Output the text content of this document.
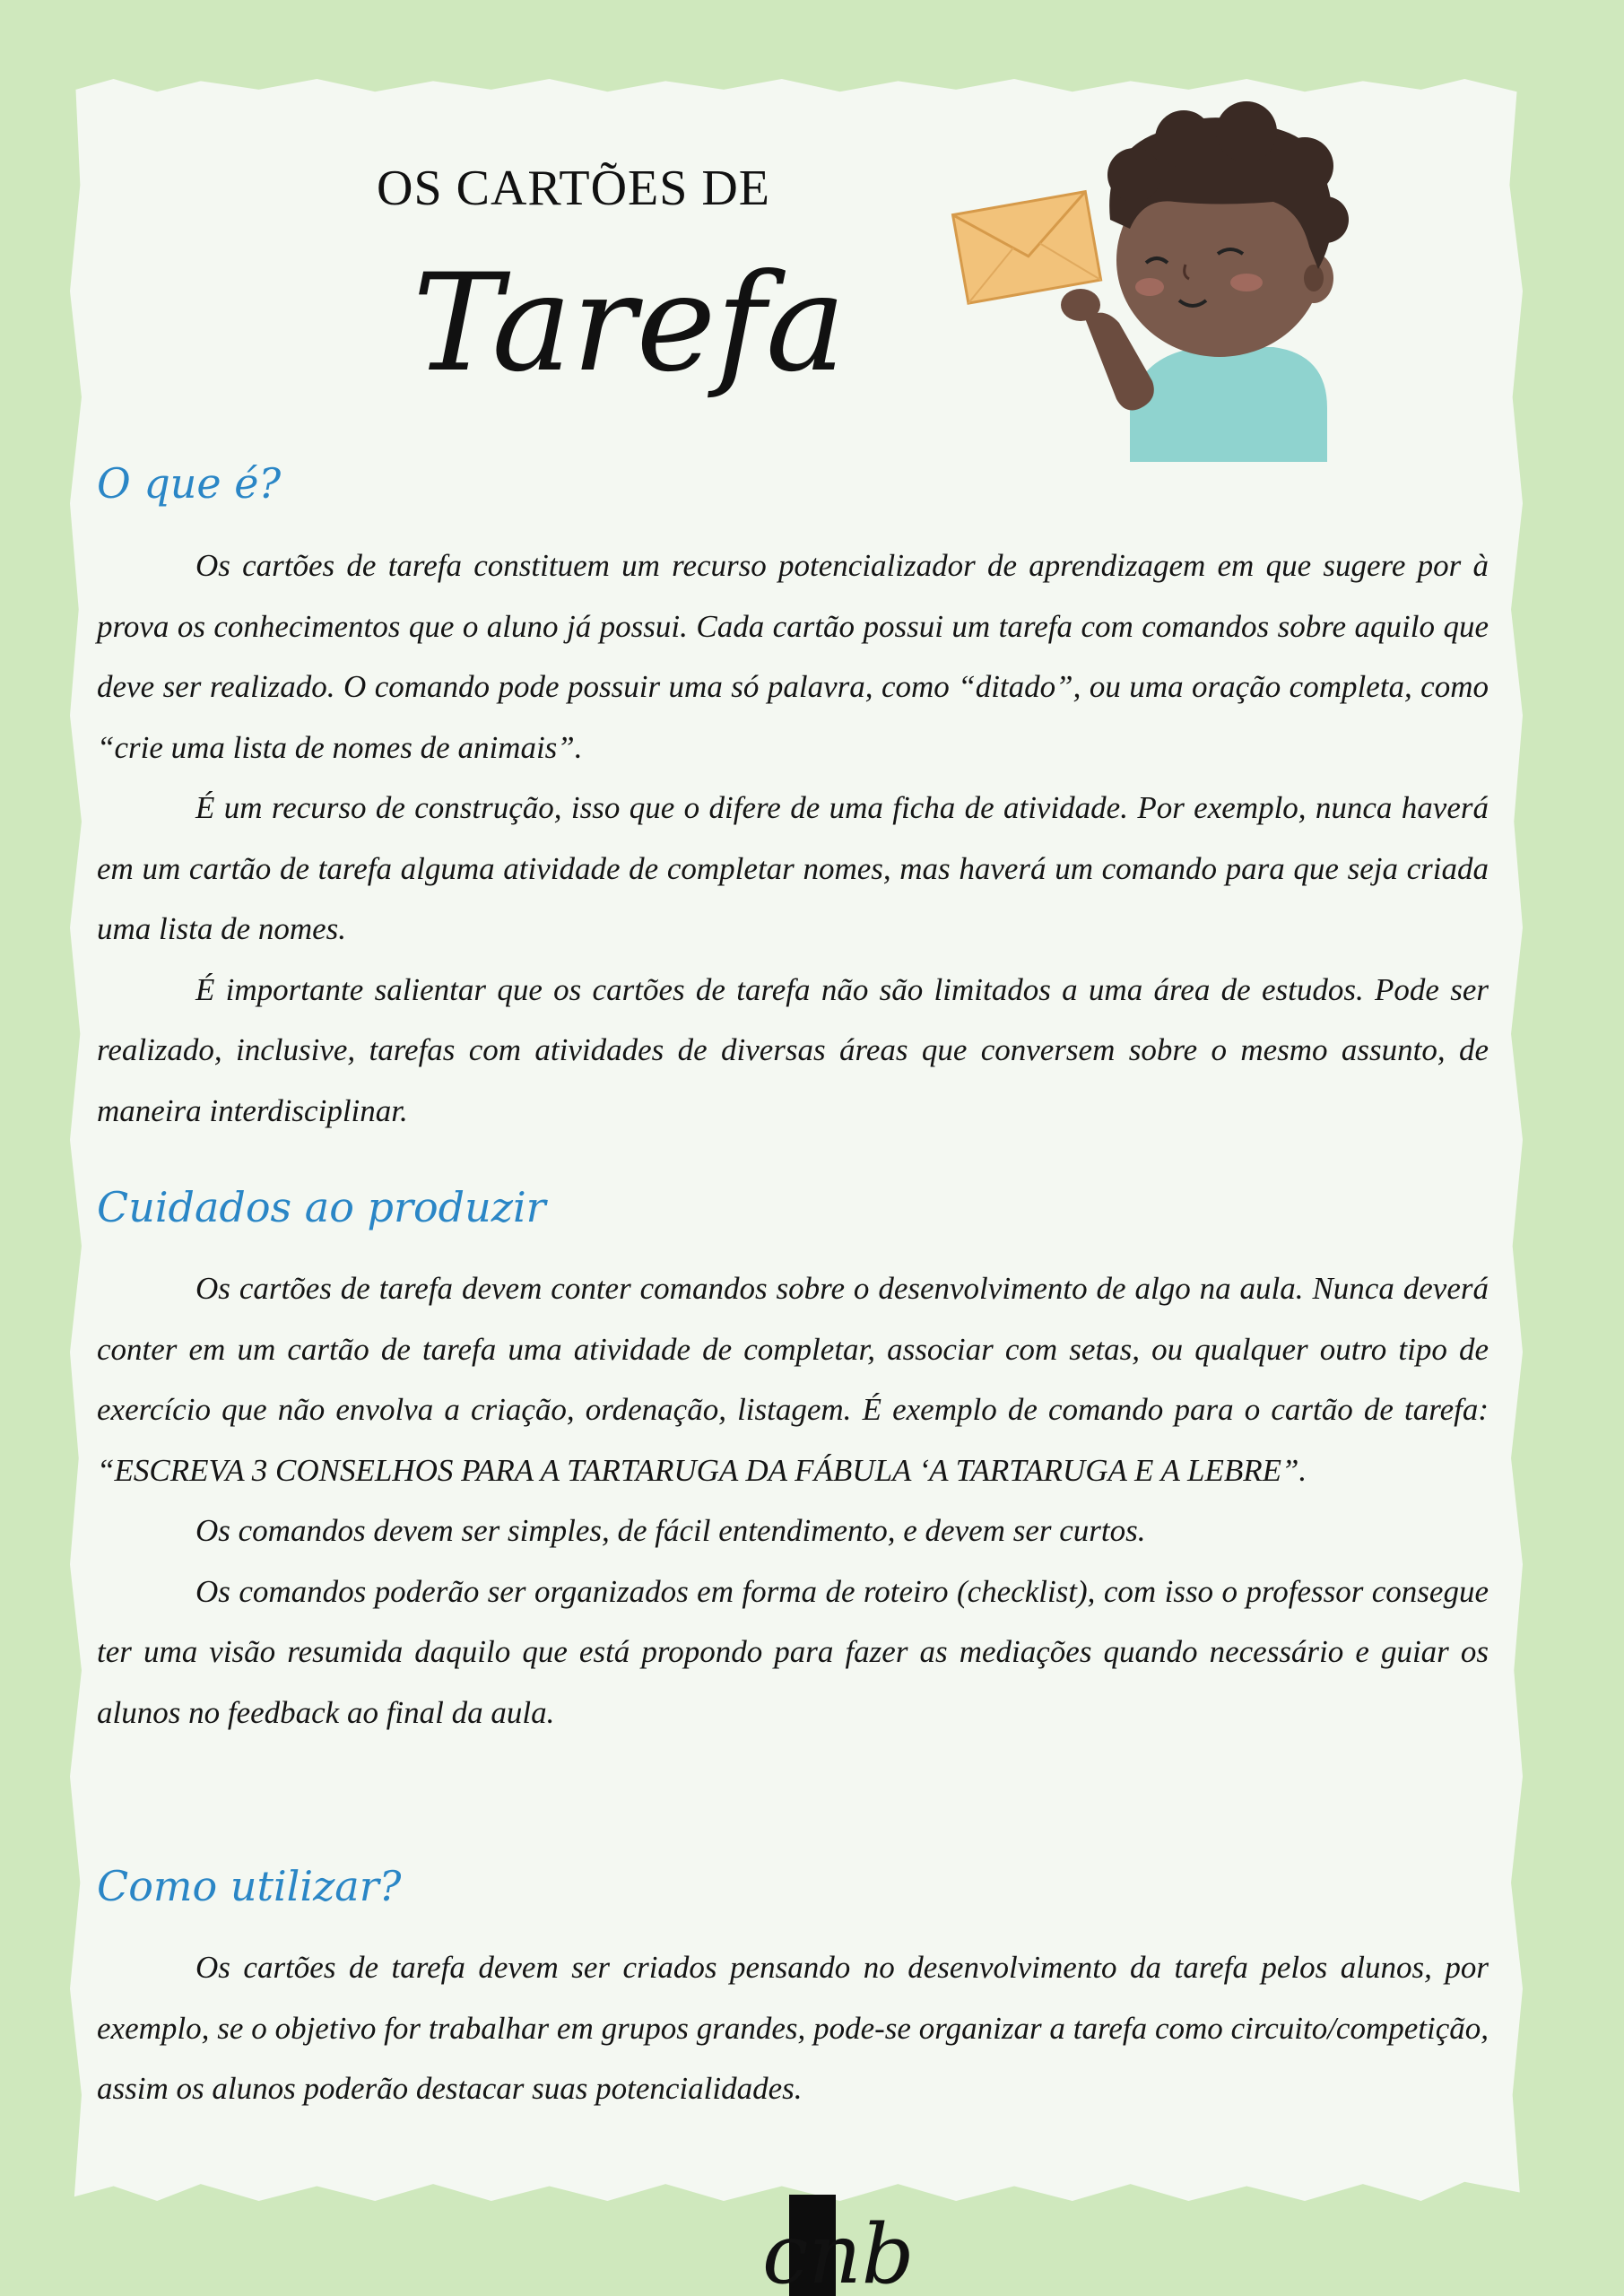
OS CARTÕES DE
Tarefa
O que é?

Os cartões de tarefa constituem um recurso potencializador de aprendizagem em que sugere por à prova os conhecimentos que o aluno já possui. Cada cartão possui um tarefa com comandos sobre aquilo que deve ser realizado. O comando pode possuir uma só palavra, como “ditado”, ou uma oração completa, como “crie uma lista de nomes de animais”.

É um recurso de construção, isso que o difere de uma ficha de atividade. Por exemplo, nunca haverá em um cartão de tarefa alguma atividade de completar nomes, mas haverá um comando para que seja criada uma lista de nomes.

É importante salientar que os cartões de tarefa não são limitados a uma área de estudos. Pode ser realizado, inclusive, tarefas com atividades de diversas áreas que conversem sobre o mesmo assunto, de maneira interdisciplinar.

Cuidados ao produzir

Os cartões de tarefa devem conter comandos sobre o desenvolvimento de algo na aula. Nunca deverá conter em um cartão de tarefa uma atividade de completar, associar com setas, ou qualquer outro tipo de exercício que não envolva a criação, ordenação, listagem. É exemplo de comando para o cartão de tarefa: “ESCREVA 3 CONSELHOS PARA A TARTARUGA DA FÁBULA ‘A TARTARUGA E A LEBRE”.

Os comandos devem ser simples, de fácil entendimento, e devem ser curtos.

Os comandos poderão ser organizados em forma de roteiro (checklist), com isso o professor consegue ter uma visão resumida daquilo que está propondo para fazer as mediações quando necessário e guiar os alunos no feedback ao final da aula.

Como utilizar?

Os cartões de tarefa devem ser criados pensando no desenvolvimento da tarefa pelos alunos, por exemplo, se o objetivo for trabalhar em grupos grandes, pode-se organizar a tarefa como circuito/competição, assim os alunos poderão destacar suas potencialidades.

cnb
